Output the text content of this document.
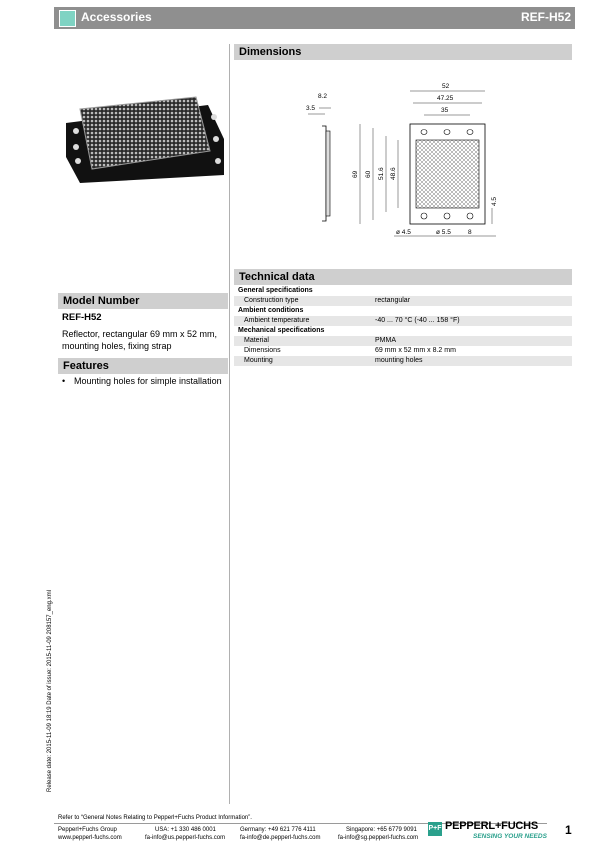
Accessories	REF-H52
Dimensions
8.2
3.5
52
47.25
35
69 60 51.6 48.6
4.5
ø 4.5	ø 5.5	8
Technical data
General specifications
Construction type	rectangular
Ambient conditions
Ambient temperature	-40 ... 70 °C (-40 ... 158 °F)
Mechanical specifications
Material	PMMA
Dimensions	69 mm x 52 mm x 8.2 mm
Mounting	mounting holes
Model Number
REF-H52
Reflector, rectangular 69 mm x 52 mm, mounting holes, fixing strap
Features
• Mounting holes for simple installation
Release date: 2015-11-09 18:19 Date of issue: 2015-11-09 208157_eng.xml
Refer to “General Notes Relating to Pepperl+Fuchs Product Information”.
Pepperl+Fuchs Group
www.pepperl-fuchs.com
USA: +1 330 486 0001
fa-info@us.pepperl-fuchs.com
Germany: +49 621 776 4111
fa-info@de.pepperl-fuchs.com
Singapore: +65 6779 9091
fa-info@sg.pepperl-fuchs.com
P+F PEPPERL+FUCHS
SENSING YOUR NEEDS 1
